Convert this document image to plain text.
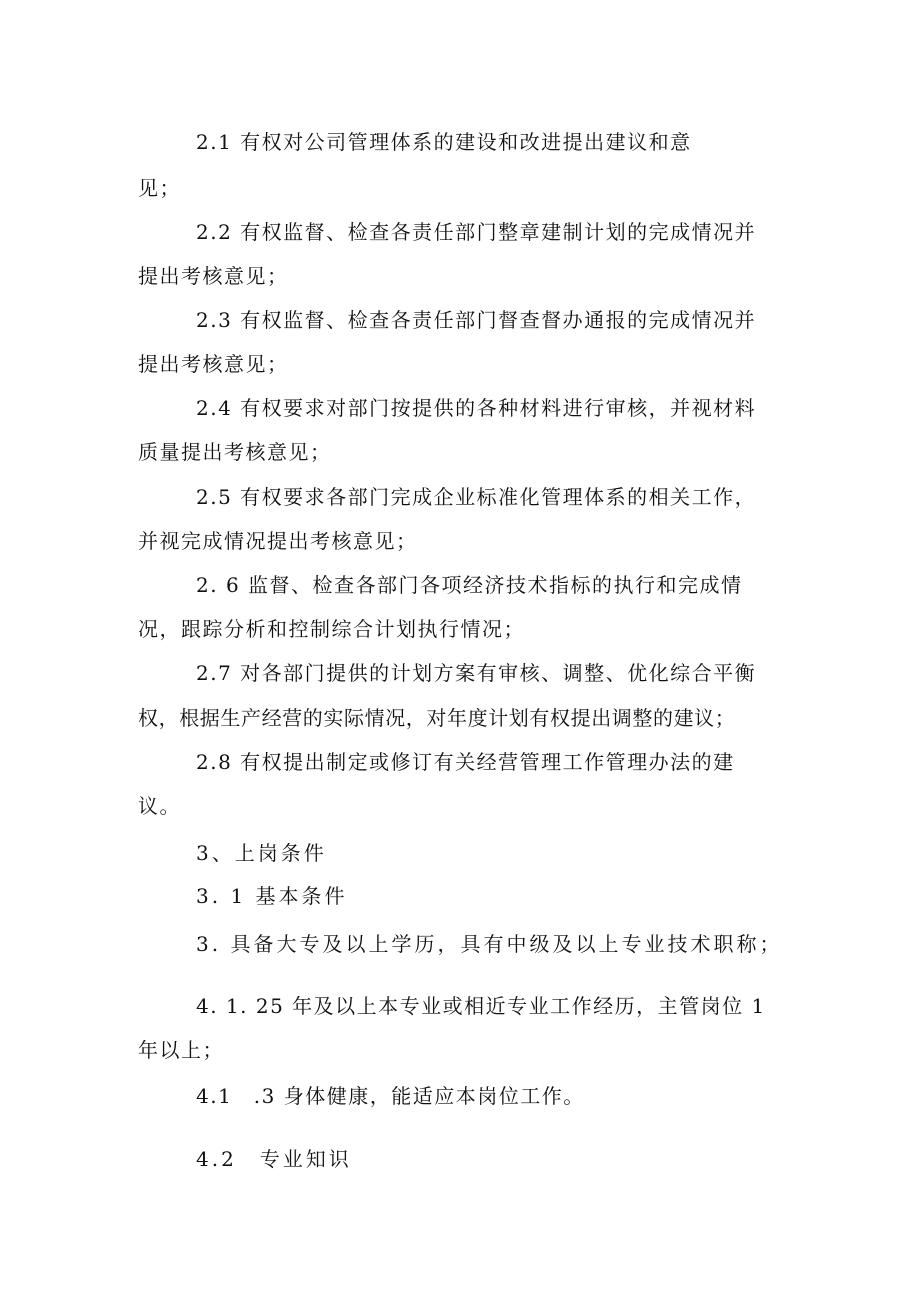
2.1 有权对公司管理体系的建设和改进提出建议和意
见；
2.2 有权监督、检查各责任部门整章建制计划的完成情况并
提出考核意见；
2.3 有权监督、检查各责任部门督查督办通报的完成情况并
提出考核意见；
2.4 有权要求对部门按提供的各种材料进行审核，并视材料
质量提出考核意见；
2.5 有权要求各部门完成企业标准化管理体系的相关工作，
并视完成情况提出考核意见；
2. 6 监督、检查各部门各项经济技术指标的执行和完成情
况，跟踪分析和控制综合计划执行情况；
2.7 对各部门提供的计划方案有审核、调整、优化综合平衡
权，根据生产经营的实际情况，对年度计划有权提出调整的建议；
2.8 有权提出制定或修订有关经营管理工作管理办法的建
议。
3、上岗条件
3. 1 基本条件
3. 具备大专及以上学历，具有中级及以上专业技术职称；
4. 1. 25 年及以上本专业或相近专业工作经历，主管岗位 1
年以上；
4.1　.3 身体健康，能适应本岗位工作。
4.2　专业知识
